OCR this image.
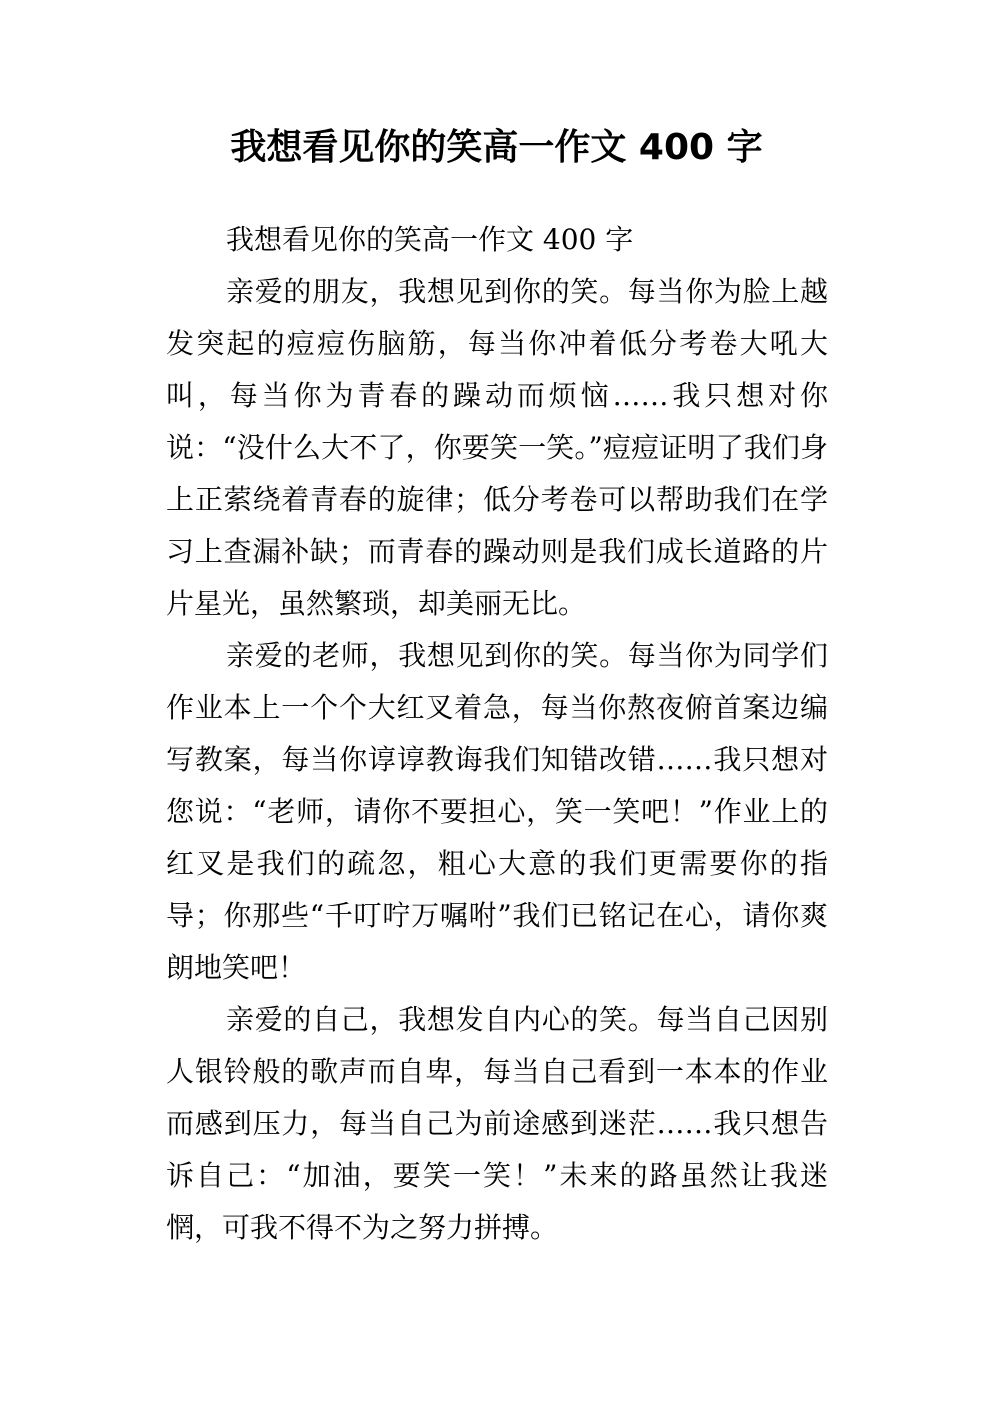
我想看见你的笑高一作文 400 字

我想看见你的笑高一作文 400 字

亲爱的朋友，我想见到你的笑。每当你为脸上越发突起的痘痘伤脑筋，每当你冲着低分考卷大吼大叫，每当你为青春的躁动而烦恼……我只想对你说：“没什么大不了，你要笑一笑。”痘痘证明了我们身上正萦绕着青春的旋律；低分考卷可以帮助我们在学习上查漏补缺；而青春的躁动则是我们成长道路的片片星光，虽然繁琐，却美丽无比。

亲爱的老师，我想见到你的笑。每当你为同学们作业本上一个个大红叉着急，每当你熬夜俯首案边编写教案，每当你谆谆教诲我们知错改错……我只想对您说：“老师，请你不要担心，笑一笑吧！”作业上的红叉是我们的疏忽，粗心大意的我们更需要你的指导；你那些“千叮咛万嘱咐”我们已铭记在心，请你爽朗地笑吧！

亲爱的自己，我想发自内心的笑。每当自己因别人银铃般的歌声而自卑，每当自己看到一本本的作业而感到压力，每当自己为前途感到迷茫……我只想告诉自己：“加油，要笑一笑！”未来的路虽然让我迷惘，可我不得不为之努力拼搏。
